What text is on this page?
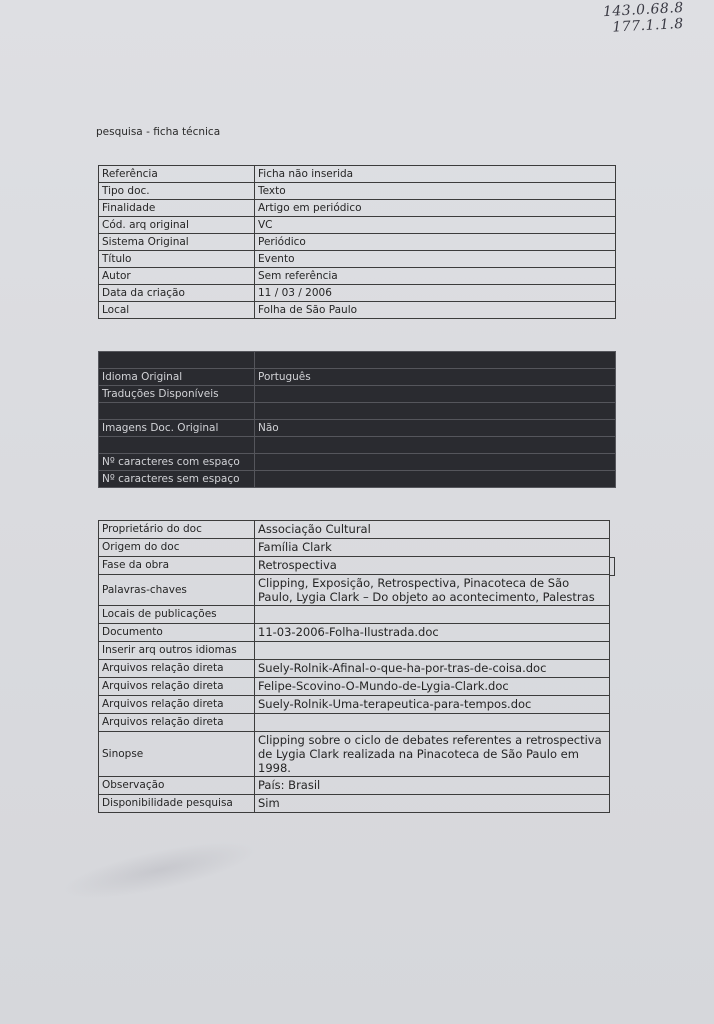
143.0.68.8
177.1.1.8
pesquisa - ficha técnica
Referência	Ficha não inserida
Tipo doc.	Texto
Finalidade	Artigo em periódico
Cód. arq original	VC
Sistema Original	Periódico
Título	Evento
Autor	Sem referência
Data da criação	11 / 03 / 2006
Local	Folha de São Paulo

Idioma Original	Português
Traduções Disponíveis	

Imagens Doc. Original	Não

Nº caracteres com espaço	
Nº caracteres sem espaço	
Proprietário do doc	Associação Cultural
Origem do doc	Família Clark
Fase da obra	Retrospectiva
Palavras-chaves	Clipping, Exposição, Retrospectiva, Pinacoteca de São Paulo, Lygia Clark – Do objeto ao acontecimento, Palestras
Locais de publicações	
Documento	11-03-2006-Folha-Ilustrada.doc
Inserir arq outros idiomas	
Arquivos relação direta	Suely-Rolnik-Afinal-o-que-ha-por-tras-de-coisa.doc
Arquivos relação direta	Felipe-Scovino-O-Mundo-de-Lygia-Clark.doc
Arquivos relação direta	Suely-Rolnik-Uma-terapeutica-para-tempos.doc
Arquivos relação direta	
Sinopse	Clipping sobre o ciclo de debates referentes a retrospectiva de Lygia Clark realizada na Pinacoteca de São Paulo em 1998.
Observação	País: Brasil
Disponibilidade pesquisa	Sim
